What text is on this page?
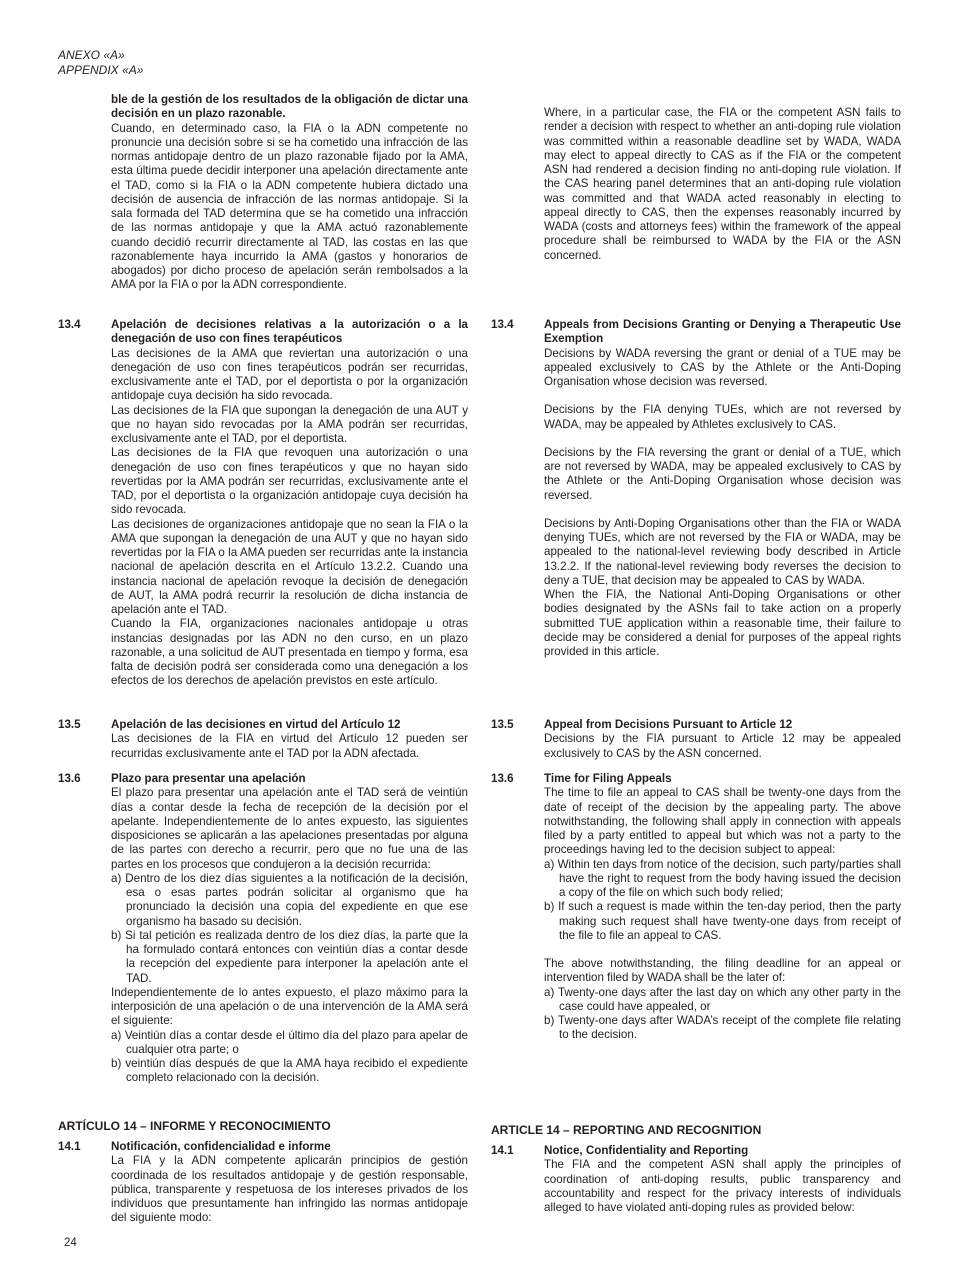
ANEXO «A»
APPENDIX «A»

ble de la gestión de los resultados de la obligación de dictar una decisión en un plazo razonable.

Cuando, en determinado caso, la FIA o la ADN competente no pronuncie una decisión sobre si se ha cometido una infracción de las normas antidopaje dentro de un plazo razonable fijado por la AMA, esta última puede decidir interponer una apelación directamente ante el TAD, como si la FIA o la ADN competente hubiera dictado una decisión de ausencia de infracción de las normas antidopaje. Si la sala formada del TAD determina que se ha cometido una infracción de las normas antidopaje y que la AMA actuó razonablemente cuando decidió recurrir directamente al TAD, las costas en las que razonablemente haya incurrido la AMA (gastos y honorarios de abogados) por dicho proceso de apelación serán rembolsados a la AMA por la FIA o por la ADN correspondiente.

13.4	Apelación de decisiones relativas a la autorización o a la denegación de uso con fines terapéuticos

Las decisiones de la AMA que reviertan una autorización o una denegación de uso con fines terapéuticos podrán ser recurridas, exclusivamente ante el TAD, por el deportista o por la organización antidopaje cuya decisión ha sido revocada.

Las decisiones de la FIA que supongan la denegación de una AUT y que no hayan sido revocadas por la AMA podrán ser recurridas, exclusivamente ante el TAD, por el deportista.

Las decisiones de la FIA que revoquen una autorización o una denegación de uso con fines terapéuticos y que no hayan sido revertidas por la AMA podrán ser recurridas, exclusivamente ante el TAD, por el deportista o la organización antidopaje cuya decisión ha sido revocada.

Las decisiones de organizaciones antidopaje que no sean la FIA o la AMA que supongan la denegación de una AUT y que no hayan sido revertidas por la FIA o la AMA pueden ser recurridas ante la instancia nacional de apelación descrita en el Artículo 13.2.2. Cuando una instancia nacional de apelación revoque la decisión de denegación de AUT, la AMA podrá recurrir la resolución de dicha instancia de apelación ante el TAD.

Cuando la FIA, organizaciones nacionales antidopaje u otras instancias designadas por las ADN no den curso, en un plazo razonable, a una solicitud de AUT presentada en tiempo y forma, esa falta de decisión podrá ser considerada como una denegación a los efectos de los derechos de apelación previstos en este artículo.

13.5	Apelación de las decisiones en virtud del Artículo 12

Las decisiones de la FIA en virtud del Artículo 12 pueden ser recurridas exclusivamente ante el TAD por la ADN afectada.

13.6	Plazo para presentar una apelación

El plazo para presentar una apelación ante el TAD será de veintiún días a contar desde la fecha de recepción de la decisión por el apelante. Independientemente de lo antes expuesto, las siguientes disposiciones se aplicarán a las apelaciones presentadas por alguna de las partes con derecho a recurrir, pero que no fue una de las partes en los procesos que condujeron a la decisión recurrida:

a) Dentro de los diez días siguientes a la notificación de la decisión, esa o esas partes podrán solicitar al organismo que ha pronunciado la decisión una copia del expediente en que ese organismo ha basado su decisión.

b) Si tal petición es realizada dentro de los diez días, la parte que la ha formulado contará entonces con veintiún días a contar desde la recepción del expediente para interponer la apelación ante el TAD.

Independientemente de lo antes expuesto, el plazo máximo para la interposición de una apelación o de una intervención de la AMA será el siguiente:

a) Veintiún días a contar desde el último día del plazo para apelar de cualquier otra parte; o

b) veintiún días después de que la AMA haya recibido el expediente completo relacionado con la decisión.

ARTÍCULO 14 – INFORME Y RECONOCIMIENTO
14.1	Notificación, confidencialidad e informe

La FIA y la ADN competente aplicarán principios de gestión coordinada de los resultados antidopaje y de gestión responsable, pública, transparente y respetuosa de los intereses privados de los individuos que presuntamente han infringido las normas antidopaje del siguiente modo:

Where, in a particular case, the FIA or the competent ASN fails to render a decision with respect to whether an anti-doping rule violation was committed within a reasonable deadline set by WADA, WADA may elect to appeal directly to CAS as if the FIA or the competent ASN had rendered a decision finding no anti-doping rule violation. If the CAS hearing panel determines that an anti-doping rule violation was committed and that WADA acted reasonably in electing to appeal directly to CAS, then the expenses reasonably incurred by WADA (costs and attorneys fees) within the framework of the appeal procedure shall be reimbursed to WADA by the FIA or the ASN concerned.

13.4	Appeals from Decisions Granting or Denying a Therapeutic Use Exemption

Decisions by WADA reversing the grant or denial of a TUE may be appealed exclusively to CAS by the Athlete or the Anti-Doping Organisation whose decision was reversed.

Decisions by the FIA denying TUEs, which are not reversed by WADA, may be appealed by Athletes exclusively to CAS.

Decisions by the FIA reversing the grant or denial of a TUE, which are not reversed by WADA, may be appealed exclusively to CAS by the Athlete or the Anti-Doping Organisation whose decision was reversed.

Decisions by Anti-Doping Organisations other than the FIA or WADA denying TUEs, which are not reversed by the FIA or WADA, may be appealed to the national-level reviewing body described in Article 13.2.2. If the national-level reviewing body reverses the decision to deny a TUE, that decision may be appealed to CAS by WADA.

When the FIA, the National Anti-Doping Organisations or other bodies designated by the ASNs fail to take action on a properly submitted TUE application within a reasonable time, their failure to decide may be considered a denial for purposes of the appeal rights provided in this article.

13.5	Appeal from Decisions Pursuant to Article 12

Decisions by the FIA pursuant to Article 12 may be appealed exclusively to CAS by the ASN concerned.

13.6	Time for Filing Appeals

The time to file an appeal to CAS shall be twenty-one days from the date of receipt of the decision by the appealing party. The above notwithstanding, the following shall apply in connection with appeals filed by a party entitled to appeal but which was not a party to the proceedings having led to the decision subject to appeal:

a) Within ten days from notice of the decision, such party/parties shall have the right to request from the body having issued the decision a copy of the file on which such body relied;

b) If such a request is made within the ten-day period, then the party making such request shall have twenty-one days from receipt of the file to file an appeal to CAS.

The above notwithstanding, the filing deadline for an appeal or intervention filed by WADA shall be the later of:

a) Twenty-one days after the last day on which any other party in the case could have appealed, or

b) Twenty-one days after WADA’s receipt of the complete file relating to the decision.

ARTICLE 14 – REPORTING AND RECOGNITION
14.1	Notice, Confidentiality and Reporting

The FIA and the competent ASN shall apply the principles of coordination of anti-doping results, public transparency and accountability and respect for the privacy interests of individuals alleged to have violated anti-doping rules as provided below:

24
